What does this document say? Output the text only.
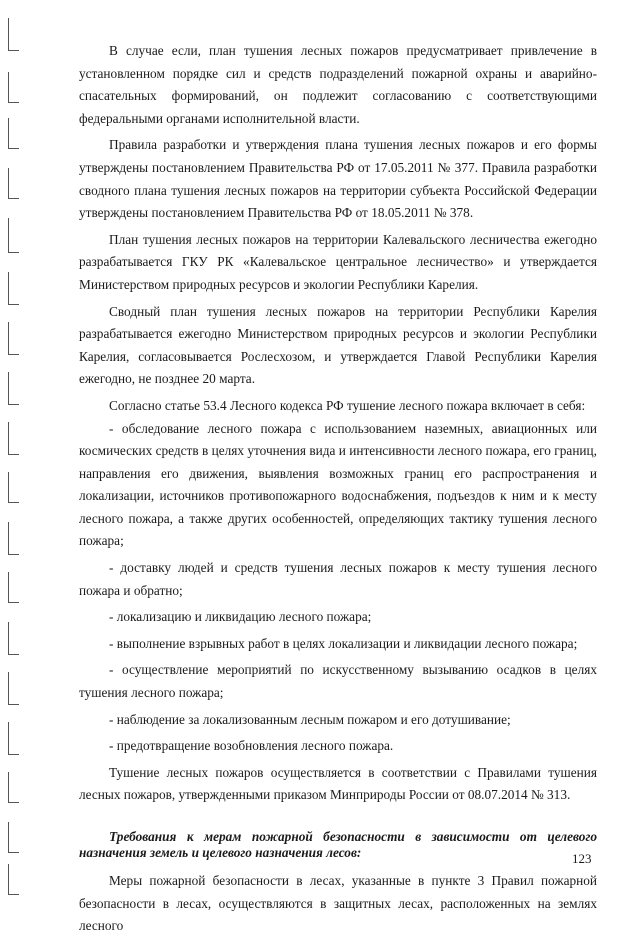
В случае если, план тушения лесных пожаров предусматривает привлечение в установленном порядке сил и средств подразделений пожарной охраны и аварийно-спасательных формирований, он подлежит согласованию с соответствующими федеральными органами исполнительной власти.

Правила разработки и утверждения плана тушения лесных пожаров и его формы утверждены постановлением Правительства РФ от 17.05.2011 № 377. Правила разработки сводного плана тушения лесных пожаров на территории субъекта Российской Федерации утверждены постановлением Правительства РФ от 18.05.2011 № 378.

План тушения лесных пожаров на территории Калевальского лесничества ежегодно разрабатывается ГКУ РК «Калевальское центральное лесничество» и утверждается Министерством природных ресурсов и экологии Республики Карелия.

Сводный план тушения лесных пожаров на территории Республики Карелия разрабатывается ежегодно Министерством природных ресурсов и экологии Республики Карелия, согласовывается Рослесхозом, и утверждается Главой Республики Карелия ежегодно, не позднее 20 марта.

Согласно статье 53.4 Лесного кодекса РФ тушение лесного пожара включает в себя:

- обследование лесного пожара с использованием наземных, авиационных или космических средств в целях уточнения вида и интенсивности лесного пожара, его границ, направления его движения, выявления возможных границ его распространения и локализации, источников противопожарного водоснабжения, подъездов к ним и к месту лесного пожара, а также других особенностей, определяющих тактику тушения лесного пожара;

- доставку людей и средств тушения лесных пожаров к месту тушения лесного пожара и обратно;

- локализацию и ликвидацию лесного пожара;

- выполнение взрывных работ в целях локализации и ликвидации лесного пожара;

- осуществление мероприятий по искусственному вызыванию осадков в целях тушения лесного пожара;

- наблюдение за локализованным лесным пожаром и его дотушивание;

- предотвращение возобновления лесного пожара.

Тушение лесных пожаров осуществляется в соответствии с Правилами тушения лесных пожаров, утвержденными приказом Минприроды России от 08.07.2014 № 313.

Требования к мерам пожарной безопасности в зависимости от целевого назначения земель и целевого назначения лесов:

Меры пожарной безопасности в лесах, указанные в пункте 3 Правил пожарной безопасности в лесах, осуществляются в защитных лесах, расположенных на землях лесного

123
